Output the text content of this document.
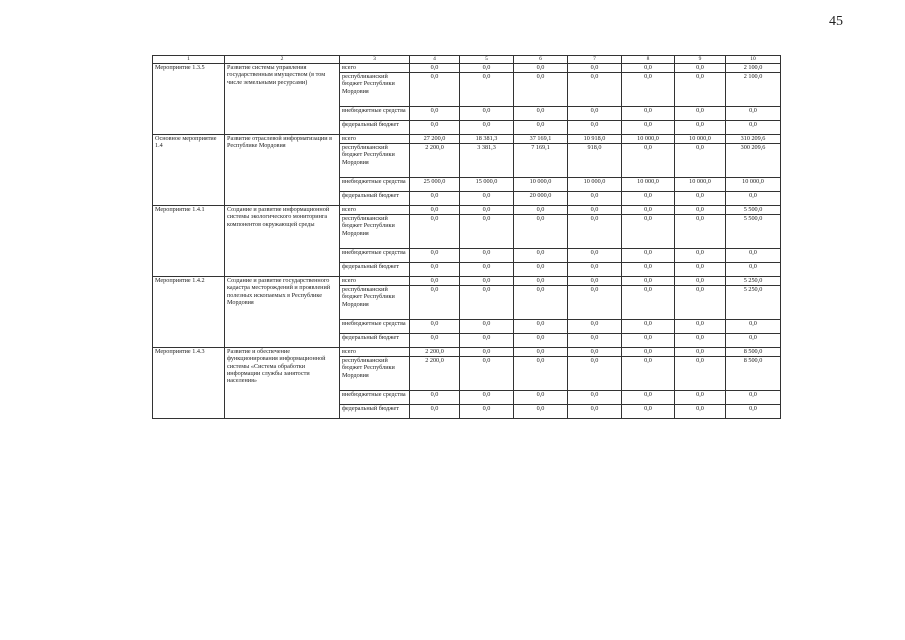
45
1	2	3	4	5	6	7	8	9	10
Мероприятие 1.3.5	Развитие системы управления государственным имуществом (в том числе земельными ресурсами)	всего	0,0	0,0	0,0	0,0	0,0	0,0	2 100,0
		республиканский бюджет Республики Мордовия	0,0	0,0	0,0	0,0	0,0	0,0	2 100,0
		внебюджетные средства	0,0	0,0	0,0	0,0	0,0	0,0	0,0
		федеральный бюджет	0,0	0,0	0,0	0,0	0,0	0,0	0,0
Основное мероприятие 1.4	Развитие отраслевой информатизации в Республике Мордовия	всего	27 200,0	18 381,3	37 169,1	10 918,0	10 000,0	10 000,0	310 209,6
		республиканский бюджет Республики Мордовия	2 200,0	3 381,3	7 169,1	918,0	0,0	0,0	300 209,6
		внебюджетные средства	25 000,0	15 000,0	10 000,0	10 000,0	10 000,0	10 000,0	10 000,0
		федеральный бюджет	0,0	0,0	20 000,0	0,0	0,0	0,0	0,0
Мероприятие 1.4.1	Создание и развитие информационной системы экологического мониторинга компонентов окружающей среды	всего	0,0	0,0	0,0	0,0	0,0	0,0	5 500,0
		республиканский бюджет Республики Мордовия	0,0	0,0	0,0	0,0	0,0	0,0	5 500,0
		внебюджетные средства	0,0	0,0	0,0	0,0	0,0	0,0	0,0
		федеральный бюджет	0,0	0,0	0,0	0,0	0,0	0,0	0,0
Мероприятие 1.4.2	Создание и развитие государственного кадастра месторождений и проявлений полезных ископаемых в Республике Мордовия	всего	0,0	0,0	0,0	0,0	0,0	0,0	5 250,0
		республиканский бюджет Республики Мордовия	0,0	0,0	0,0	0,0	0,0	0,0	5 250,0
		внебюджетные средства	0,0	0,0	0,0	0,0	0,0	0,0	0,0
		федеральный бюджет	0,0	0,0	0,0	0,0	0,0	0,0	0,0
Мероприятие 1.4.3	Развитие и обеспечение функционирования информационной системы «Система обработки информации службы занятости населения»	всего	2 200,0	0,0	0,0	0,0	0,0	0,0	8 500,0
		республиканский бюджет Республики Мордовия	2 200,0	0,0	0,0	0,0	0,0	0,0	8 500,0
		внебюджетные средства	0,0	0,0	0,0	0,0	0,0	0,0	0,0
		федеральный бюджет	0,0	0,0	0,0	0,0	0,0	0,0	0,0
